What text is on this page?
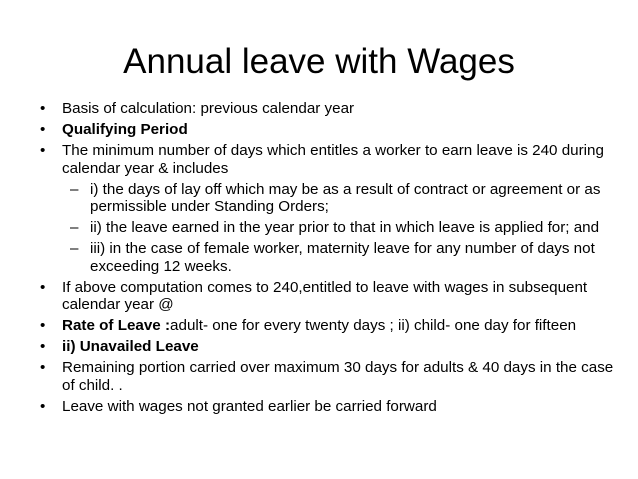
Annual leave with Wages
•	Basis of calculation: previous calendar year
•	Qualifying Period
•	The minimum number of days which entitles a worker to earn leave is 240 during calendar year & includes
– i) the days of lay off which may be as a result of contract or agreement or as permissible under Standing Orders;
– ii) the leave earned in the year prior to that in which leave is applied for; and
– iii) in the case of female worker, maternity leave for any number of days not exceeding 12 weeks.
•	If above computation comes to 240,entitled to leave with wages in subsequent calendar year @
•	Rate of Leave :adult- one for every twenty days ; ii) child- one day for fifteen
•	ii) Unavailed Leave
•	Remaining portion carried over maximum 30 days for adults & 40 days in the case of child. .
•	Leave with wages not granted earlier be carried forward
